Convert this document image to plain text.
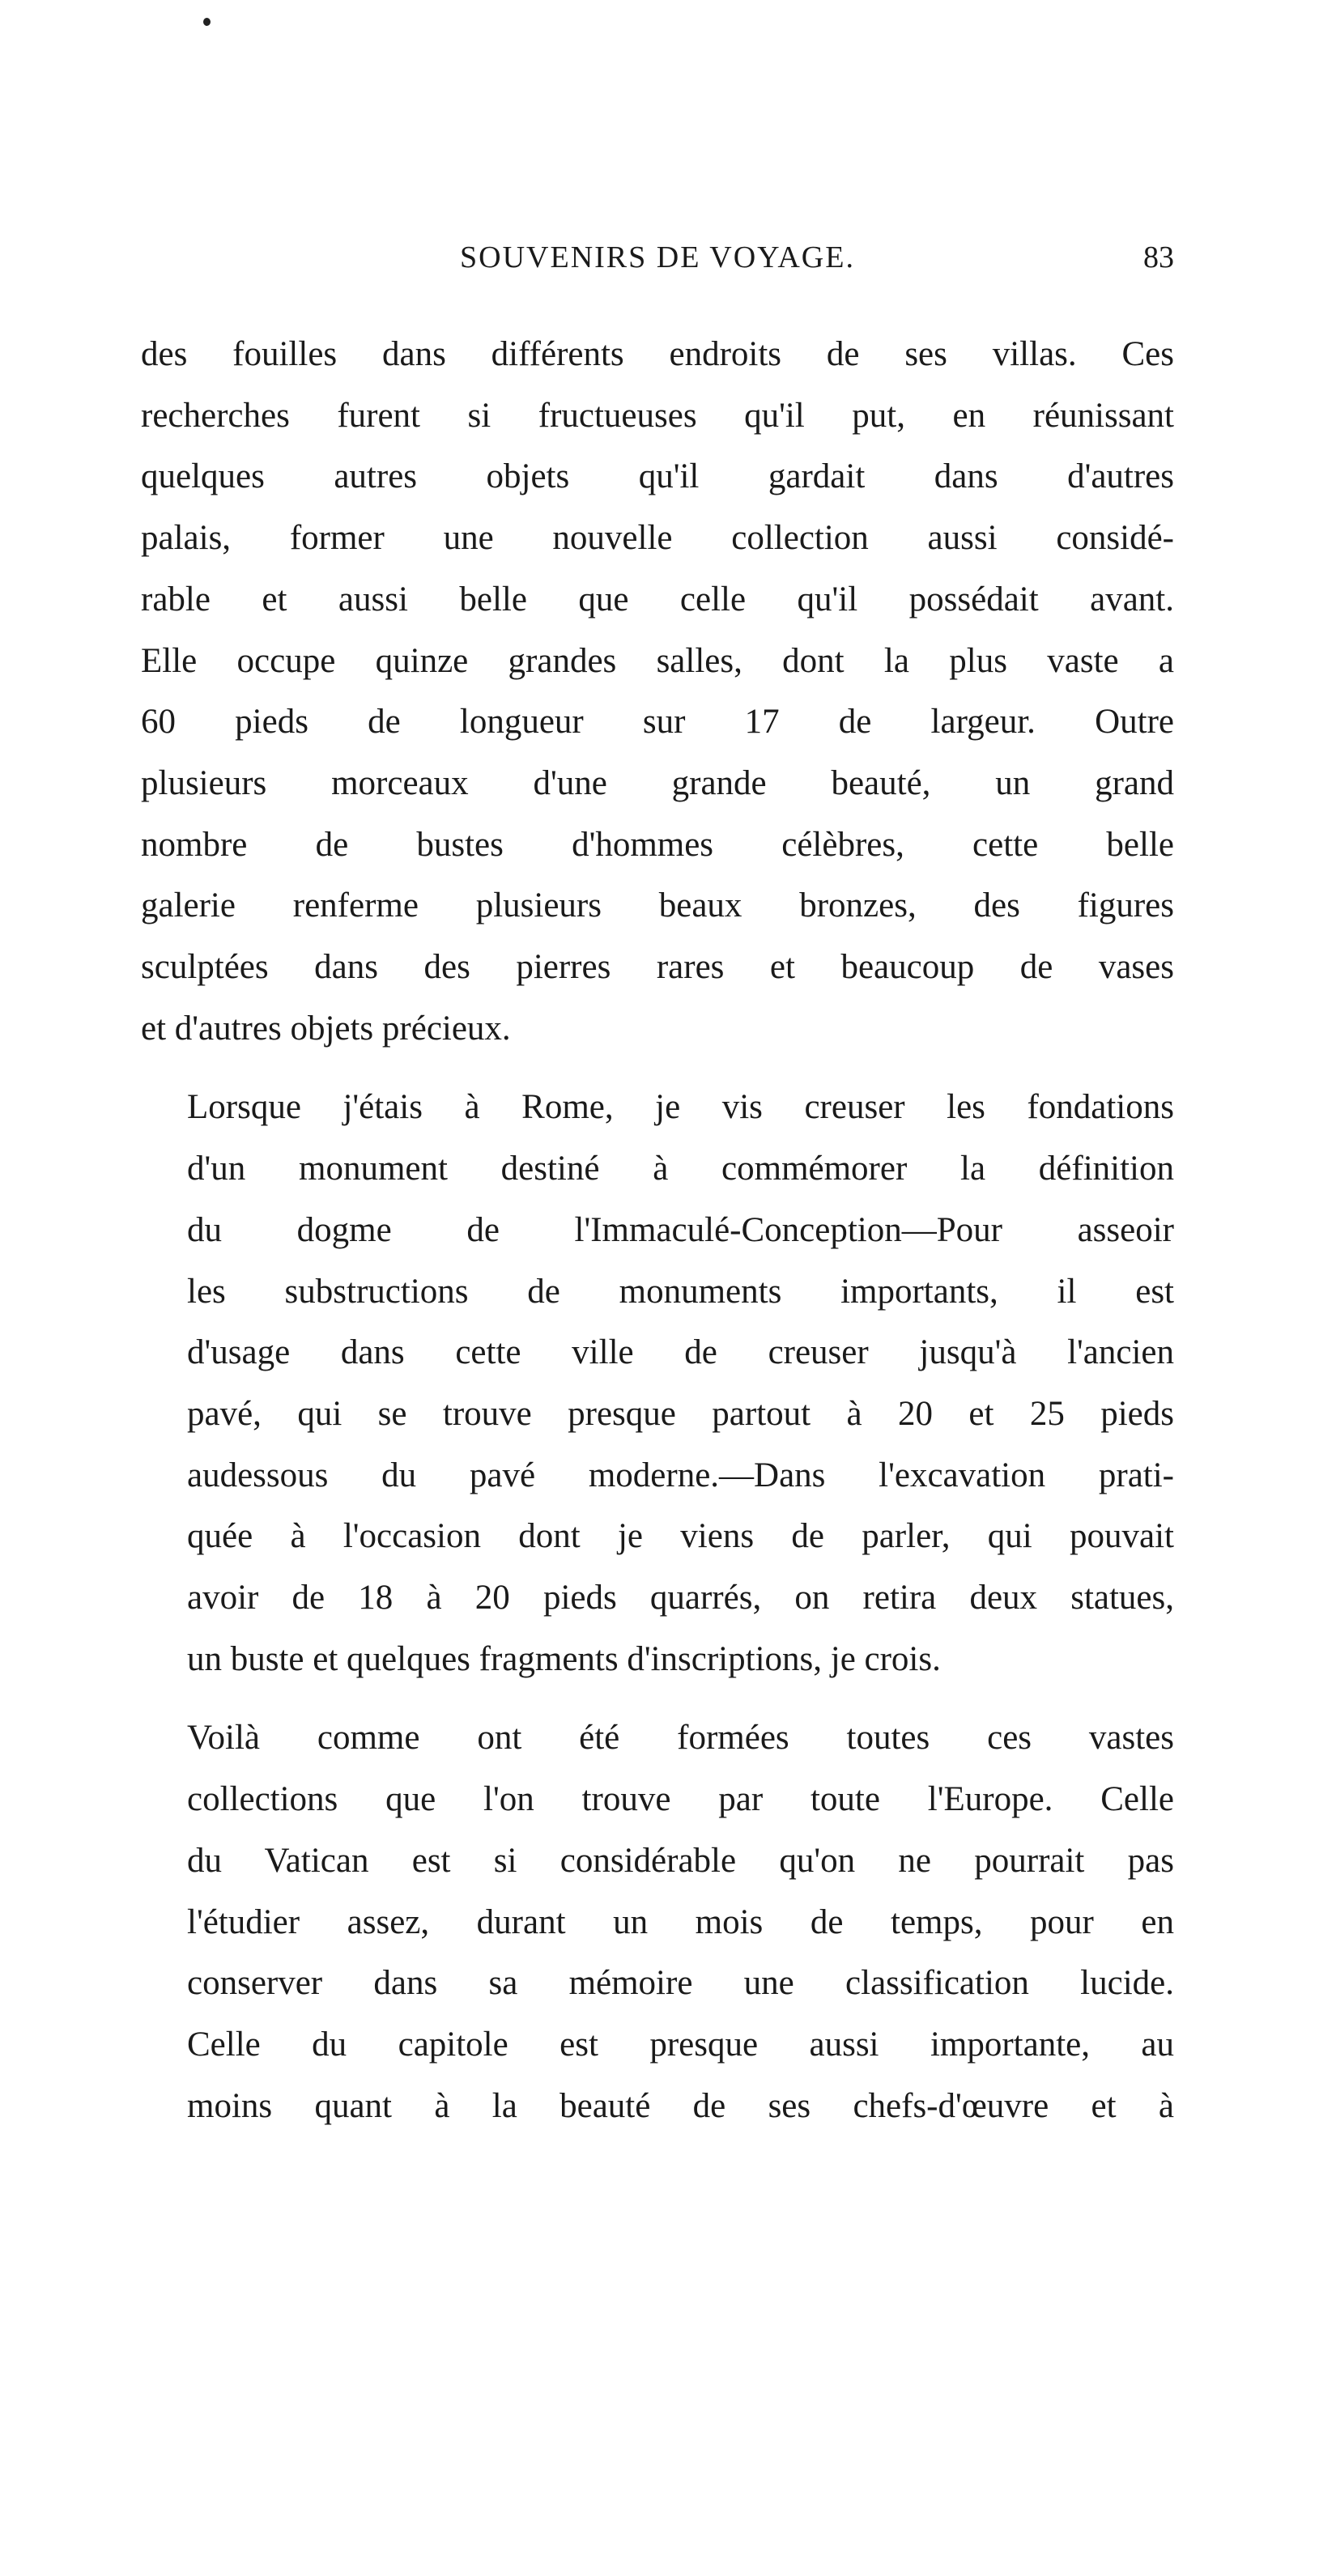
SOUVENIRS DE VOYAGE.	83
des fouilles dans différents endroits de ses villas. Ces
recherches furent si fructueuses qu'il put, en réunissant
quelques autres objets qu'il gardait dans d'autres
palais, former une nouvelle collection aussi considé-
rable et aussi belle que celle qu'il possédait avant.
Elle occupe quinze grandes salles, dont la plus vaste a
60 pieds de longueur sur 17 de largeur. Outre
plusieurs morceaux d'une grande beauté, un grand
nombre de bustes d'hommes célèbres, cette belle
galerie renferme plusieurs beaux bronzes, des figures
sculptées dans des pierres rares et beaucoup de vases
et d'autres objets précieux.
Lorsque j'étais à Rome, je vis creuser les fondations
d'un monument destiné à commémorer la définition
du dogme de l'Immaculé-Conception—Pour asseoir
les substructions de monuments importants, il est
d'usage dans cette ville de creuser jusqu'à l'ancien
pavé, qui se trouve presque partout à 20 et 25 pieds
audessous du pavé moderne.—Dans l'excavation prati-
quée à l'occasion dont je viens de parler, qui pouvait
avoir de 18 à 20 pieds quarrés, on retira deux statues,
un buste et quelques fragments d'inscriptions, je crois.
Voilà comme ont été formées toutes ces vastes
collections que l'on trouve par toute l'Europe. Celle
du Vatican est si considérable qu'on ne pourrait pas
l'étudier assez, durant un mois de temps, pour en
conserver dans sa mémoire une classification lucide.
Celle du capitole est presque aussi importante, au
moins quant à la beauté de ses chefs-d'œuvre et à
